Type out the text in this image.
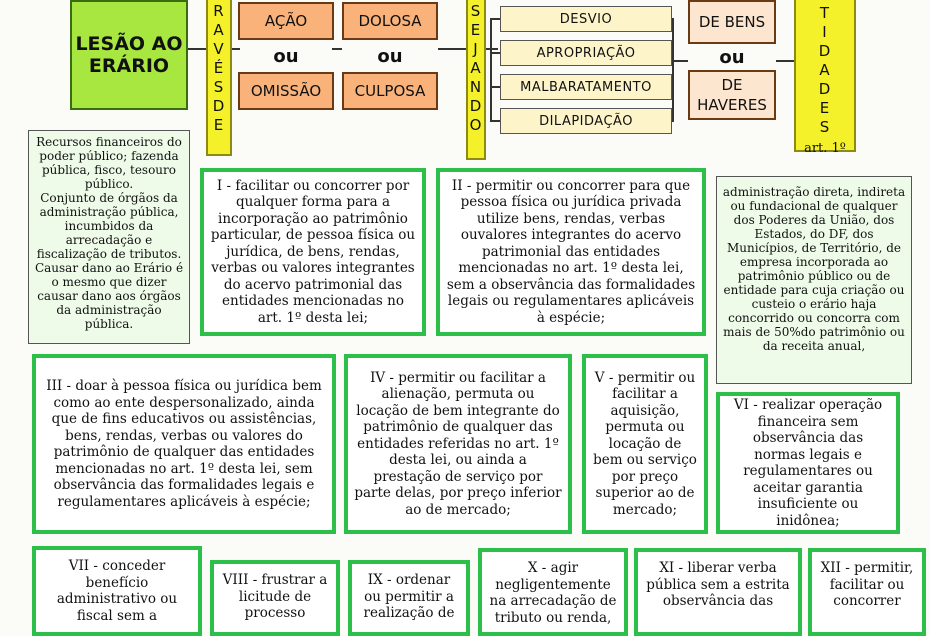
LESÃO AO ERÁRIO
R
A
V
É
S
D
E
AÇÃO
ou
OMISSÃO
DOLOSA
ou
CULPOSA
S
E
J
A
N
D
O
DESVIO
APROPRIAÇÃO
MALBARATAMENTO
DILAPIDAÇÃO
DE BENS
ou
DE
HAVERES
T
I
D
A
D
E
S
art. 1º
Recursos financeiros do poder público; fazenda pública, fisco, tesouro público.
Conjunto de órgãos da administração pública, incumbidos da arrecadação e fiscalização de tributos.
Causar dano ao Erário é o mesmo que dizer causar dano aos órgãos da administração pública.
administração direta, indireta ou fundacional de qualquer dos Poderes da União, dos Estados, do DF, dos Municípios, de Território, de empresa incorporada ao patrimônio público ou de entidade para cuja criação ou custeio o erário haja concorrido ou concorra com mais de 50%do patrimônio ou da receita anual,
I - facilitar ou concorrer por qualquer forma para a incorporação ao patrimônio particular, de pessoa física ou jurídica, de bens, rendas, verbas ou valores integrantes do acervo patrimonial das entidades mencionadas no art. 1º desta lei;
II - permitir ou concorrer para que pessoa física ou jurídica privada utilize bens, rendas, verbas ouvalores integrantes do acervo patrimonial das entidades mencionadas no art. 1º desta lei, sem a observância das formalidades legais ou regulamentares aplicáveis à espécie;
III - doar à pessoa física ou jurídica bem como ao ente despersonalizado, ainda que de fins educativos ou assistências, bens, rendas, verbas ou valores do patrimônio de qualquer das entidades mencionadas no art. 1º desta lei, sem observância das formalidades legais e regulamentares aplicáveis à espécie;
IV - permitir ou facilitar a alienação, permuta ou locação de bem integrante do patrimônio de qualquer das entidades referidas no art. 1º desta lei, ou ainda a prestação de serviço por parte delas, por preço inferior ao de mercado;
V - permitir ou facilitar a aquisição, permuta ou locação de bem ou serviço por preço superior ao de mercado;
VI - realizar operação financeira sem observância das normas legais e regulamentares ou aceitar garantia insuficiente ou inidônea;
VII - conceder benefício administrativo ou fiscal sem a
VIII - frustrar a licitude de processo
IX - ordenar ou permitir a realização de
X - agir negligentemente na arrecadação de tributo ou renda,
XI - liberar verba pública sem a estrita observância das
XII - permitir, facilitar ou concorrer
